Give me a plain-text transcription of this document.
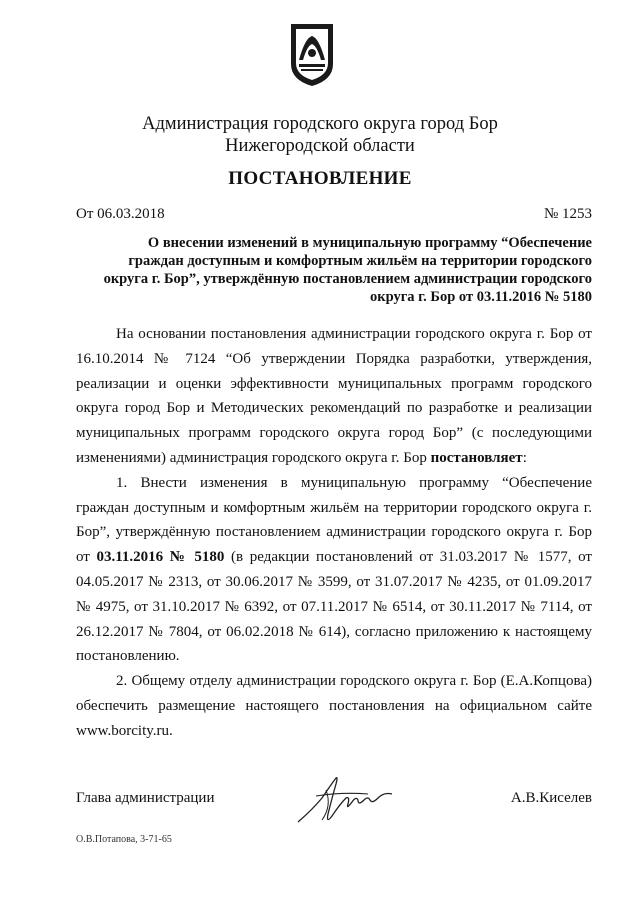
Администрация городского округа город Бор
Нижегородской области
ПОСТАНОВЛЕНИЕ
От 06.03.2018	№ 1253
О внесении изменений в муниципальную программу “Обеспечение
граждан доступным и комфортным жильём на территории городского
округа г. Бор”, утверждённую постановлением администрации городского
округа г. Бор от 03.11.2016 № 5180

На основании постановления администрации городского округа г. Бор от 16.10.2014 № 7124 “Об утверждении Порядка разработки, утверждения, реализации и оценки эффективности муниципальных программ городского округа город Бор и Методических рекомендаций по разработке и реализации муниципальных программ городского округа город Бор” (с последующими изменениями) администрация городского округа г. Бор постановляет:

1. Внести изменения в муниципальную программу “Обеспечение граждан доступным и комфортным жильём на территории городского округа г. Бор”, утверждённую постановлением администрации городского округа г. Бор от 03.11.2016 № 5180 (в редакции постановлений от 31.03.2017 № 1577, от 04.05.2017 № 2313, от 30.06.2017 № 3599, от 31.07.2017 № 4235, от 01.09.2017 № 4975, от 31.10.2017 № 6392, от 07.11.2017 № 6514, от 30.11.2017 № 7114, от 26.12.2017 № 7804, от 06.02.2018 № 614), согласно приложению к настоящему постановлению.

2. Общему отделу администрации городского округа г. Бор (Е.А.Копцова) обеспечить размещение настоящего постановления на официальном сайте www.borcity.ru.

Глава администрации	А.В.Киселев
О.В.Потапова, 3-71-65
